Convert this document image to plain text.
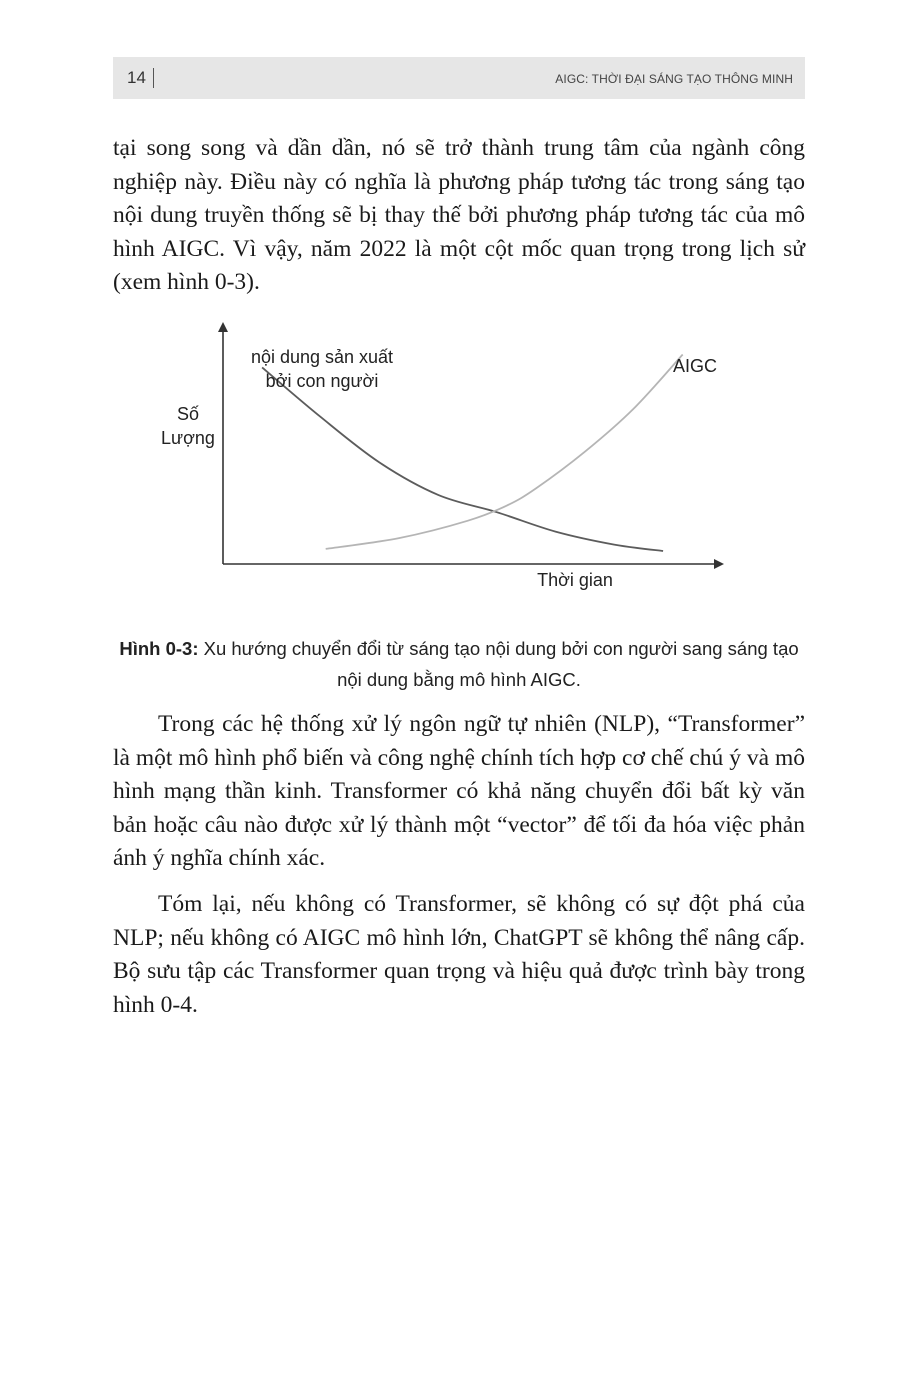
14	AIGC: THỜI ĐẠI SÁNG TẠO THÔNG MINH

tại song song và dần dần, nó sẽ trở thành trung tâm của ngành công nghiệp này. Điều này có nghĩa là phương pháp tương tác trong sáng tạo nội dung truyền thống sẽ bị thay thế bởi phương pháp tương tác của mô hình AIGC. Vì vậy, năm 2022 là một cột mốc quan trọng trong lịch sử (xem hình 0-3).

Số
Lượng
Thời gian
nội dung sản xuất
bởi con người
AIGC

Hình 0-3: Xu hướng chuyển đổi từ sáng tạo nội dung bởi con người sang sáng tạo nội dung bằng mô hình AIGC.

Trong các hệ thống xử lý ngôn ngữ tự nhiên (NLP), “Transformer” là một mô hình phổ biến và công nghệ chính tích hợp cơ chế chú ý và mô hình mạng thần kinh. Transformer có khả năng chuyển đổi bất kỳ văn bản hoặc câu nào được xử lý thành một “vector” để tối đa hóa việc phản ánh ý nghĩa chính xác.

Tóm lại, nếu không có Transformer, sẽ không có sự đột phá của NLP; nếu không có AIGC mô hình lớn, ChatGPT sẽ không thể nâng cấp. Bộ sưu tập các Transformer quan trọng và hiệu quả được trình bày trong hình 0-4.
